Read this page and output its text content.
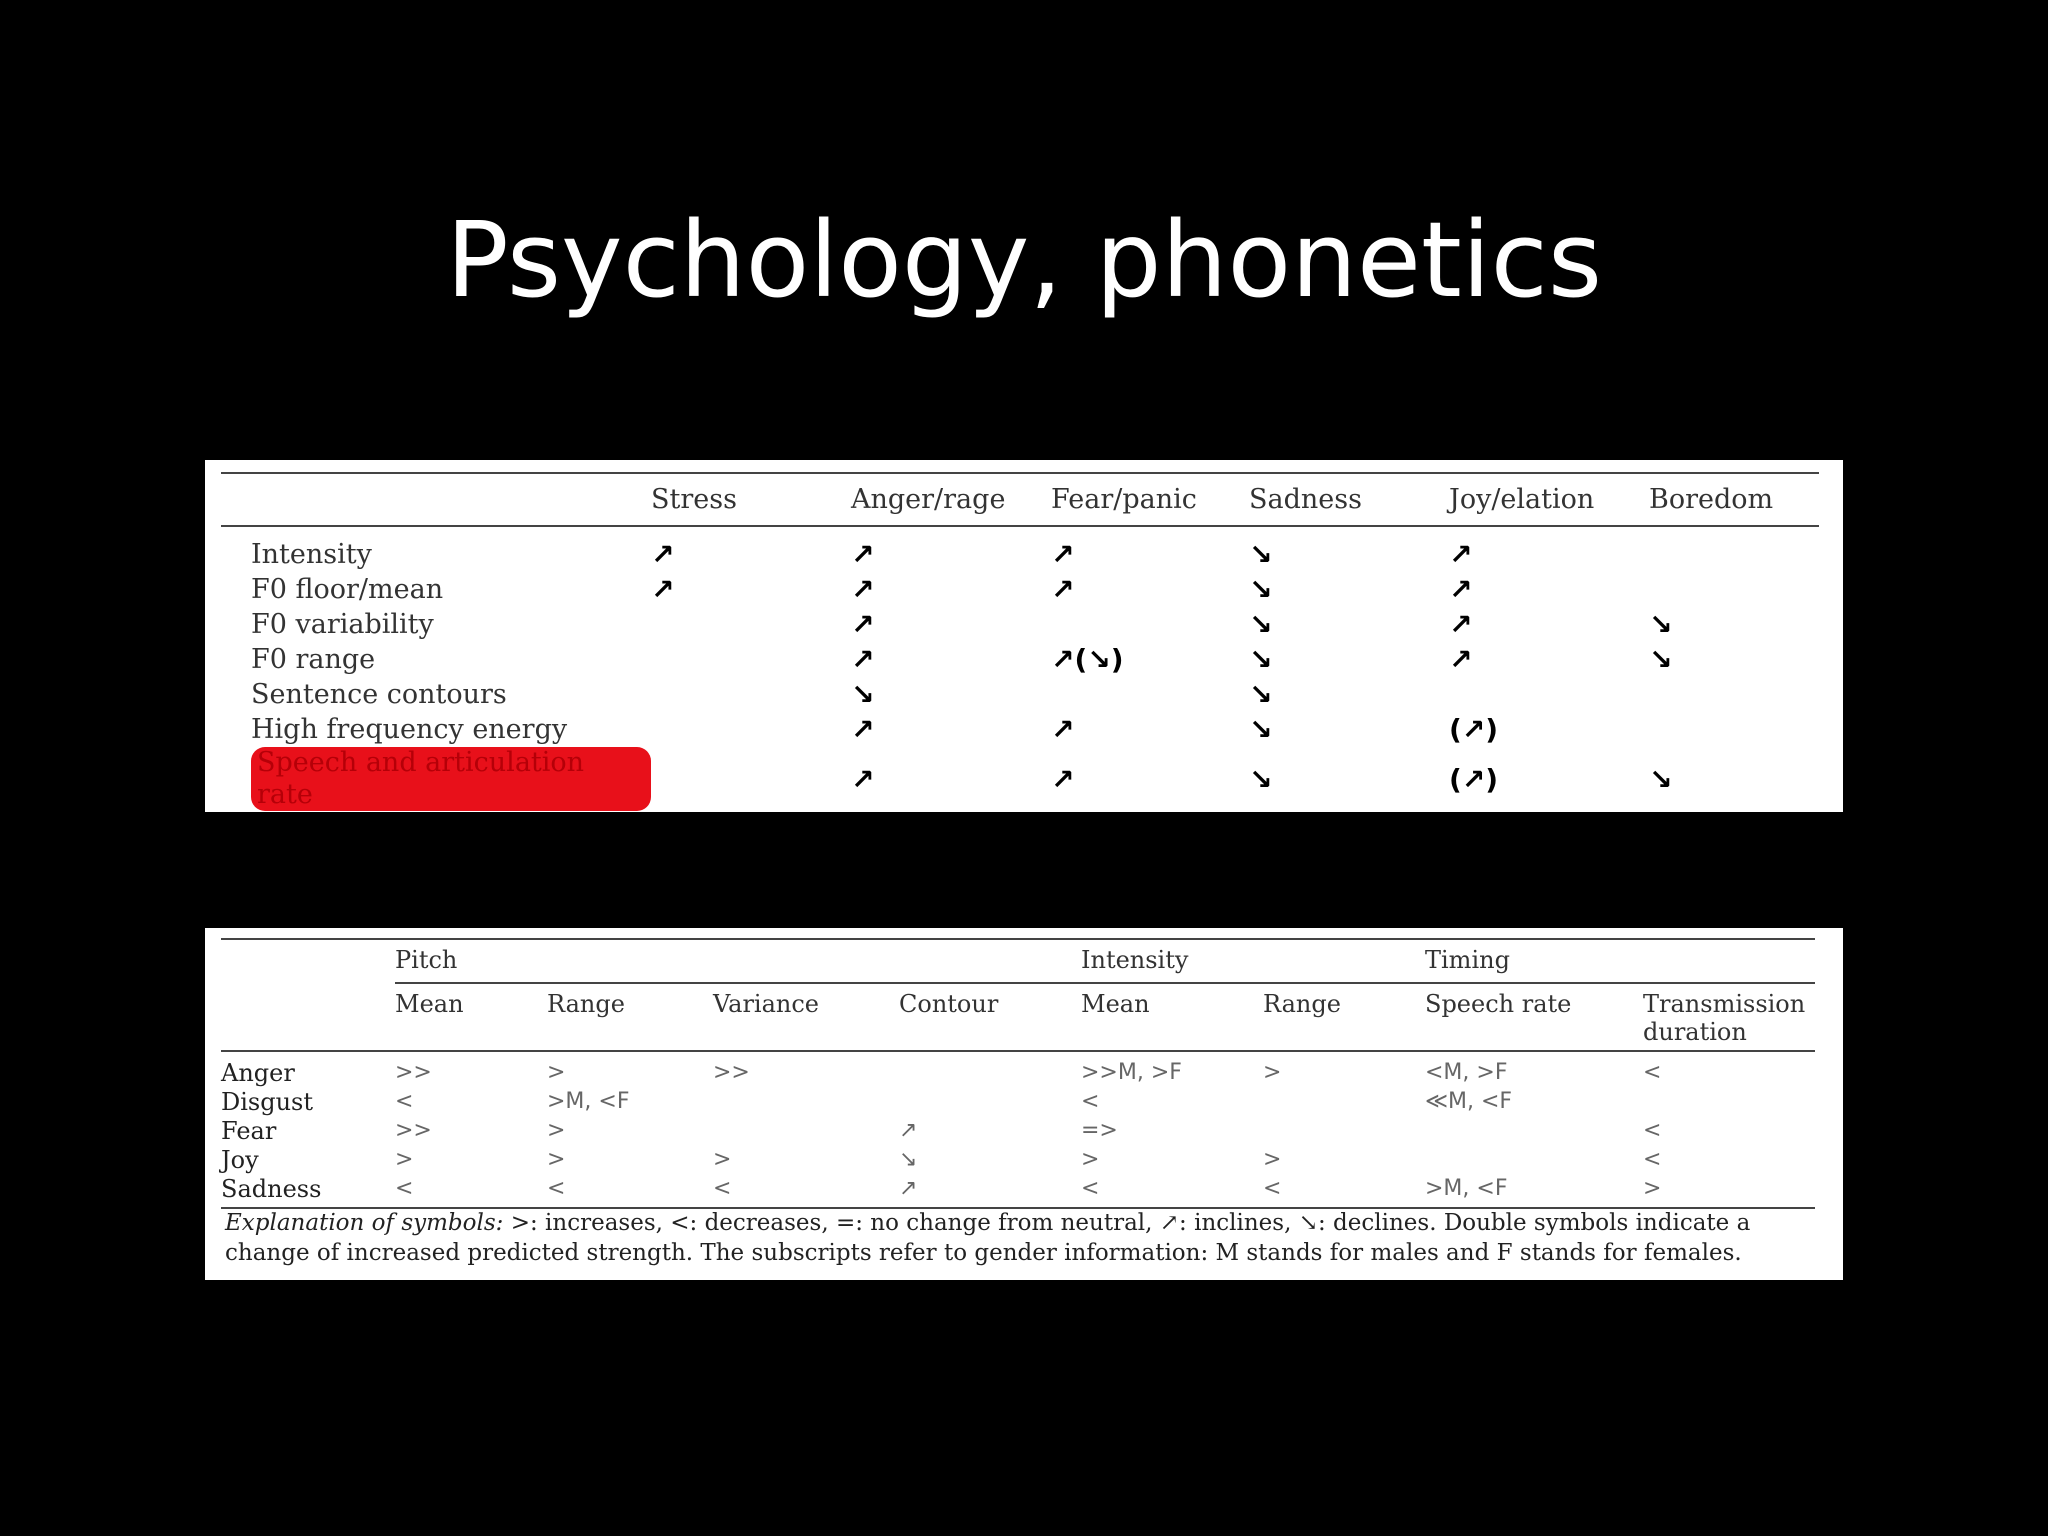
Psychology, phonetics
	Stress	Anger/rage	Fear/panic	Sadness	Joy/elation	Boredom
Intensity	↗	↗	↗	↘	↗	
F0 floor/mean	↗	↗	↗	↘	↗	
F0 variability		↗		↘	↗	↘
F0 range		↗	↗(↘)	↘	↗	↘
Sentence contours		↘		↘		
High frequency energy		↗	↗	↘	(↗)	
Speech and articulation rate		↗	↗	↘	(↗)	↘
	Pitch				Intensity		Timing	
	Mean	Range	Variance	Contour	Mean	Range	Speech rate	Transmission duration
Anger	>>	>	>>		>>M, >F	>	<M, >F	<
Disgust	<	>M, <F			<		≪M, <F	
Fear	>>	>		↗	=>			<
Joy	>	>	>	↘	>	>		<
Sadness	<	<	<	↗	<	<	>M, <F	>
Explanation of symbols: >: increases, <: decreases, =: no change from neutral, ↗: inclines, ↘: declines. Double symbols indicate a change of increased predicted strength. The subscripts refer to gender information: M stands for males and F stands for females.
